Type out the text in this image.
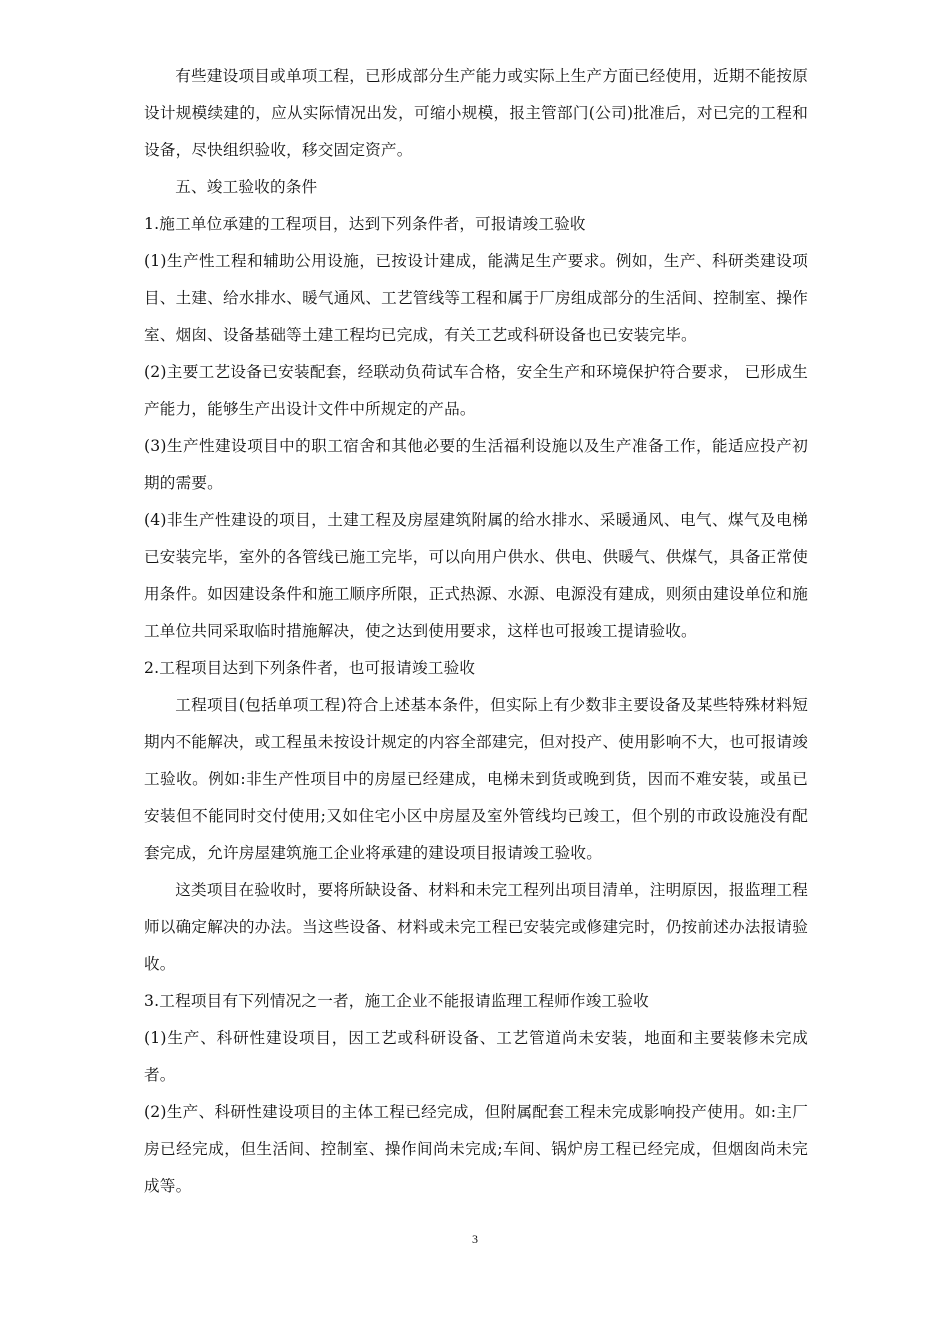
有些建设项目或单项工程，已形成部分生产能力或实际上生产方面已经使用，近期不能按原设计规模续建的，应从实际情况出发，可缩小规模，报主管部门(公司)批准后，对已完的工程和设备，尽快组织验收，移交固定资产。

五、竣工验收的条件

1.施工单位承建的工程项目，达到下列条件者，可报请竣工验收

(1)生产性工程和辅助公用设施，已按设计建成，能满足生产要求。例如，生产、科研类建设项目、土建、给水排水、暖气通风、工艺管线等工程和属于厂房组成部分的生活间、控制室、操作室、烟囱、设备基础等土建工程均已完成，有关工艺或科研设备也已安装完毕。

(2)主要工艺设备已安装配套，经联动负荷试车合格，安全生产和环境保护符合要求， 已形成生产能力，能够生产出设计文件中所规定的产品。

(3)生产性建设项目中的职工宿舍和其他必要的生活福利设施以及生产准备工作，能适应投产初期的需要。

(4)非生产性建设的项目，土建工程及房屋建筑附属的给水排水、采暖通风、电气、煤气及电梯已安装完毕，室外的各管线已施工完毕，可以向用户供水、供电、供暖气、供煤气，具备正常使用条件。如因建设条件和施工顺序所限，正式热源、水源、电源没有建成，则须由建设单位和施工单位共同采取临时措施解决，使之达到使用要求，这样也可报竣工提请验收。

2.工程项目达到下列条件者，也可报请竣工验收

工程项目(包括单项工程)符合上述基本条件，但实际上有少数非主要设备及某些特殊材料短期内不能解决，或工程虽未按设计规定的内容全部建完，但对投产、使用影响不大，也可报请竣工验收。例如:非生产性项目中的房屋已经建成，电梯未到货或晚到货，因而不难安装，或虽已安装但不能同时交付使用;又如住宅小区中房屋及室外管线均已竣工，但个别的市政设施没有配套完成，允许房屋建筑施工企业将承建的建设项目报请竣工验收。

这类项目在验收时，要将所缺设备、材料和未完工程列出项目清单，注明原因，报监理工程师以确定解决的办法。当这些设备、材料或未完工程已安装完或修建完时，仍按前述办法报请验收。

3.工程项目有下列情况之一者，施工企业不能报请监理工程师作竣工验收

(1)生产、科研性建设项目，因工艺或科研设备、工艺管道尚未安装，地面和主要装修未完成者。

(2)生产、科研性建设项目的主体工程已经完成，但附属配套工程未完成影响投产使用。如:主厂房已经完成，但生活间、控制室、操作间尚未完成;车间、锅炉房工程已经完成，但烟囱尚未完成等。

3
